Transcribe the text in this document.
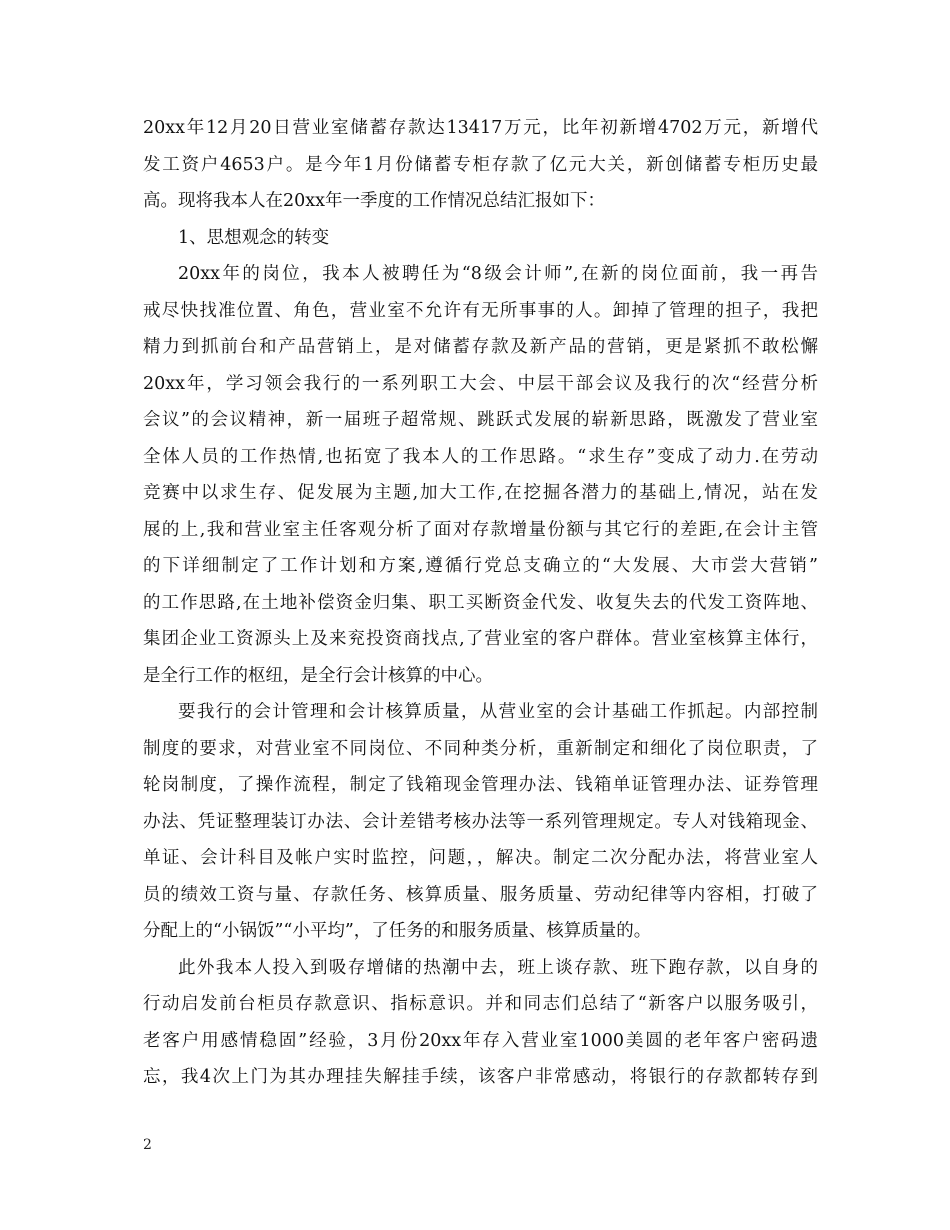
20xx年12月20日营业室储蓄存款达13417万元，比年初新增4702万元，新增代
发工资户4653户。是今年1月份储蓄专柜存款了亿元大关，新创储蓄专柜历史最
高。现将我本人在20xx年一季度的工作情况总结汇报如下：
1、思想观念的转变
20xx年的岗位，我本人被聘任为“8级会计师”,在新的岗位面前，我一再告
戒尽快找准位置、角色，营业室不允许有无所事事的人。卸掉了管理的担子，我把
精力到抓前台和产品营销上，是对储蓄存款及新产品的营销，更是紧抓不敢松懈
20xx年，学习领会我行的一系列职工大会、中层干部会议及我行的次“经营分析
会议”的会议精神，新一届班子超常规、跳跃式发展的崭新思路，既激发了营业室
全体人员的工作热情,也拓宽了我本人的工作思路。“求生存”变成了动力.在劳动
竞赛中以求生存、促发展为主题,加大工作,在挖掘各潜力的基础上,情况，站在发
展的上,我和营业室主任客观分析了面对存款增量份额与其它行的差距,在会计主管
的下详细制定了工作计划和方案,遵循行党总支确立的“大发展、大市尝大营销”
的工作思路,在土地补偿资金归集、职工买断资金代发、收复失去的代发工资阵地、
集团企业工资源头上及来兖投资商找点,了营业室的客户群体。营业室核算主体行，
是全行工作的枢纽，是全行会计核算的中心。
要我行的会计管理和会计核算质量，从营业室的会计基础工作抓起。内部控制
制度的要求，对营业室不同岗位、不同种类分析，重新制定和细化了岗位职责，了
轮岗制度，了操作流程，制定了钱箱现金管理办法、钱箱单证管理办法、证券管理
办法、凭证整理装订办法、会计差错考核办法等一系列管理规定。专人对钱箱现金、
单证、会计科目及帐户实时监控，问题，，解决。制定二次分配办法，将营业室人
员的绩效工资与量、存款任务、核算质量、服务质量、劳动纪律等内容相，打破了
分配上的“小锅饭”“小平均”，了任务的和服务质量、核算质量的。
此外我本人投入到吸存增储的热潮中去，班上谈存款、班下跑存款，以自身的
行动启发前台柜员存款意识、指标意识。并和同志们总结了“新客户以服务吸引，
老客户用感情稳固”经验，3月份20xx年存入营业室1000美圆的老年客户密码遗
忘，我4次上门为其办理挂失解挂手续，该客户非常感动，将银行的存款都转存到
2
